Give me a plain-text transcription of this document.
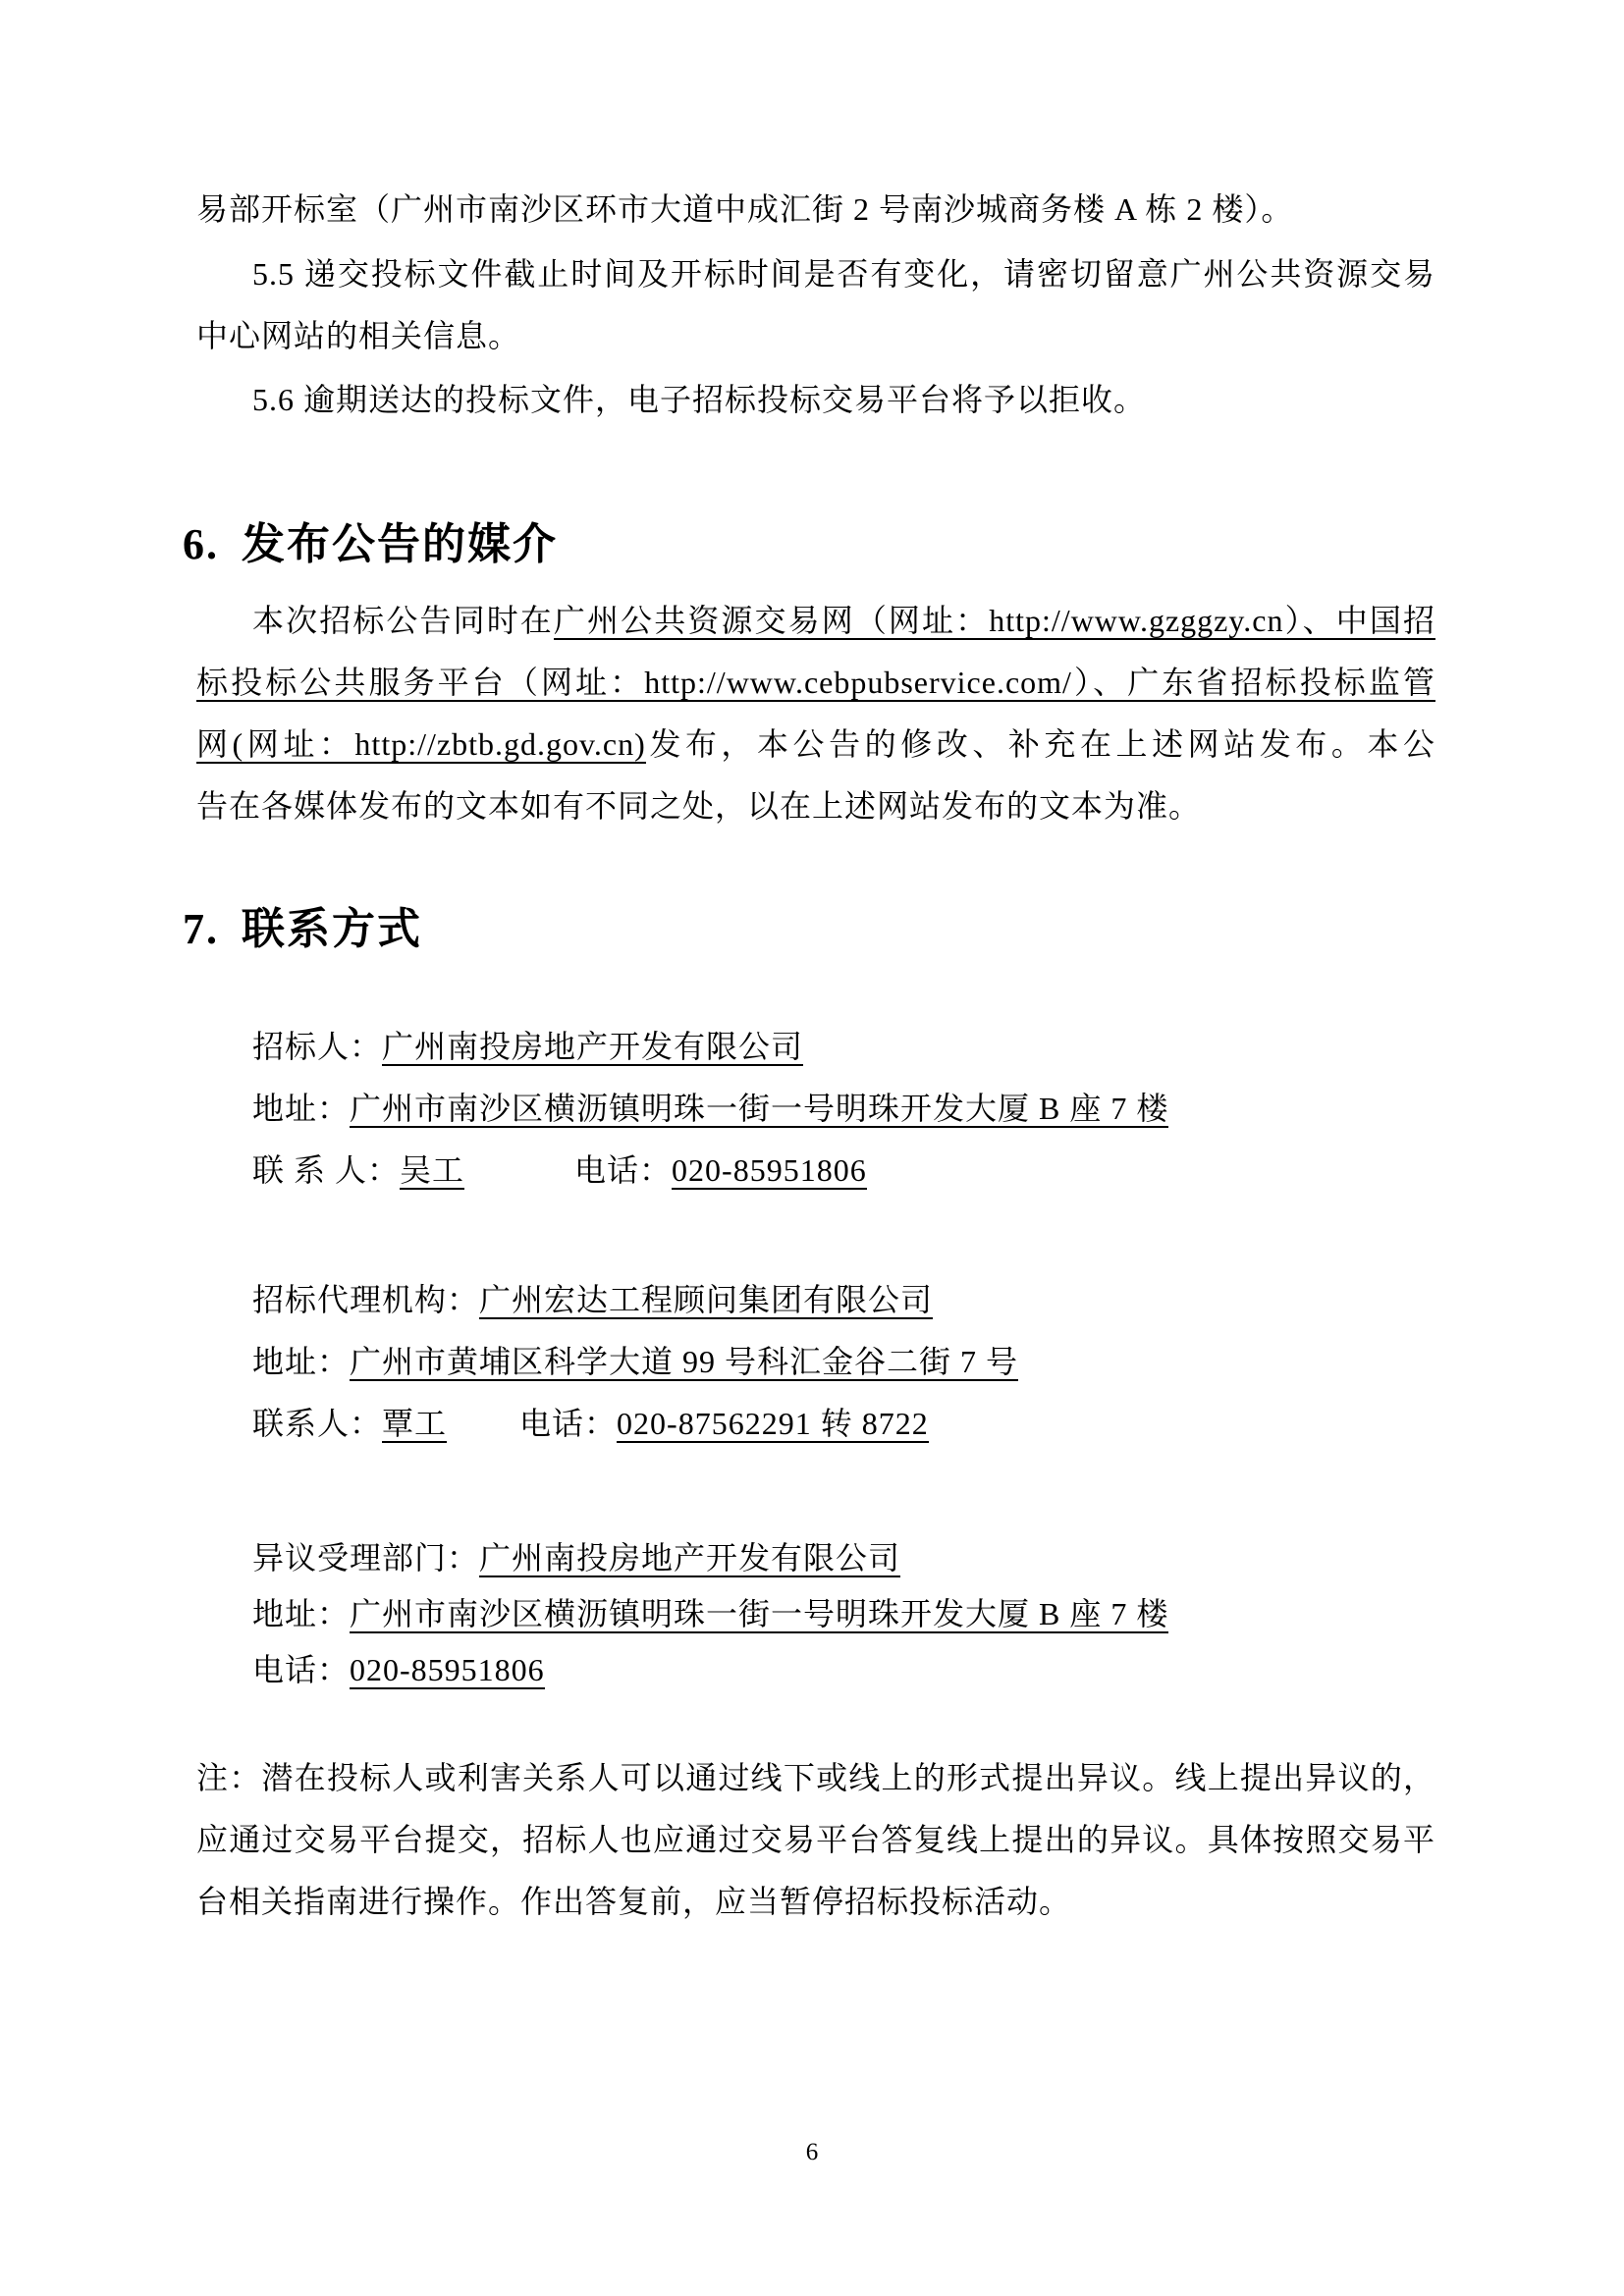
易部开标室（广州市南沙区环市大道中成汇街 2 号南沙城商务楼 A 栋 2 楼）。
5.5 递交投标文件截止时间及开标时间是否有变化，请密切留意广州公共资源交易
中心网站的相关信息。
5.6 逾期送达的投标文件，电子招标投标交易平台将予以拒收。
6. 发布公告的媒介
本次招标公告同时在广州公共资源交易网（网址：http://www.gzggzy.cn）、中国招
标投标公共服务平台（网址：http://www.cebpubservice.com/）、广东省招标投标监管
网(网址：http://zbtb.gd.gov.cn)发布，本公告的修改、补充在上述网站发布。本公
告在各媒体发布的文本如有不同之处，以在上述网站发布的文本为准。
7. 联系方式
招标人：广州南投房地产开发有限公司
地址：广州市南沙区横沥镇明珠一街一号明珠开发大厦 B 座 7 楼
联 系 人：吴工	电话：020-85951806
招标代理机构：广州宏达工程顾问集团有限公司
地址：广州市黄埔区科学大道 99 号科汇金谷二街 7 号
联系人：覃工 电话：020-87562291 转 8722
异议受理部门：广州南投房地产开发有限公司
地址：广州市南沙区横沥镇明珠一街一号明珠开发大厦 B 座 7 楼
电话：020-85951806
注：潜在投标人或利害关系人可以通过线下或线上的形式提出异议。线上提出异议的，
应通过交易平台提交，招标人也应通过交易平台答复线上提出的异议。具体按照交易平
台相关指南进行操作。作出答复前，应当暂停招标投标活动。
6
